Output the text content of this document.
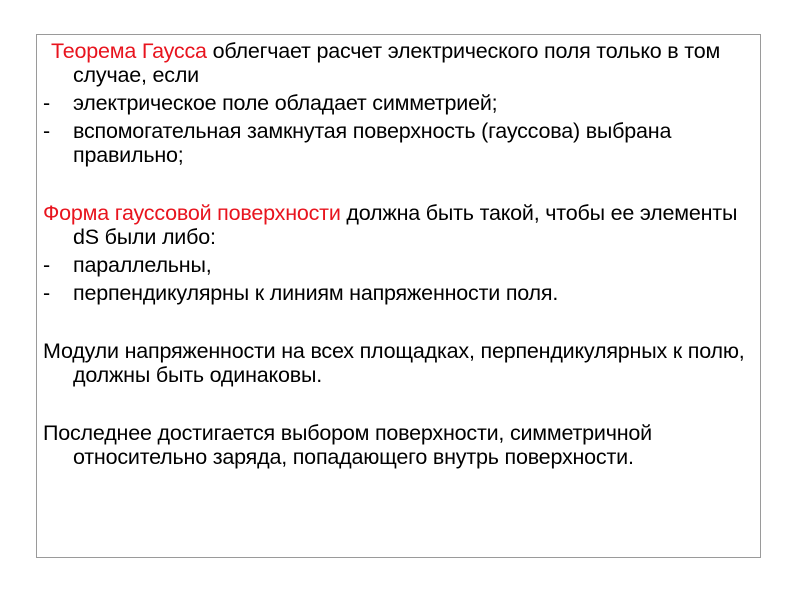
Теорема Гаусса облегчает расчет электрического поля только в том случае, если

- электрическое поле обладает симметрией;

- вспомогательная замкнутая поверхность (гауссова) выбрана правильно;

Форма гауссовой поверхности должна быть такой, чтобы ее элементы dS были либо:

- параллельны,

- перпендикулярны к линиям напряженности поля.

Модули напряженности на всех площадках, перпендикулярных к полю, должны быть одинаковы.

Последнее достигается выбором поверхности, симметричной относительно заряда, попадающего внутрь поверхности.
